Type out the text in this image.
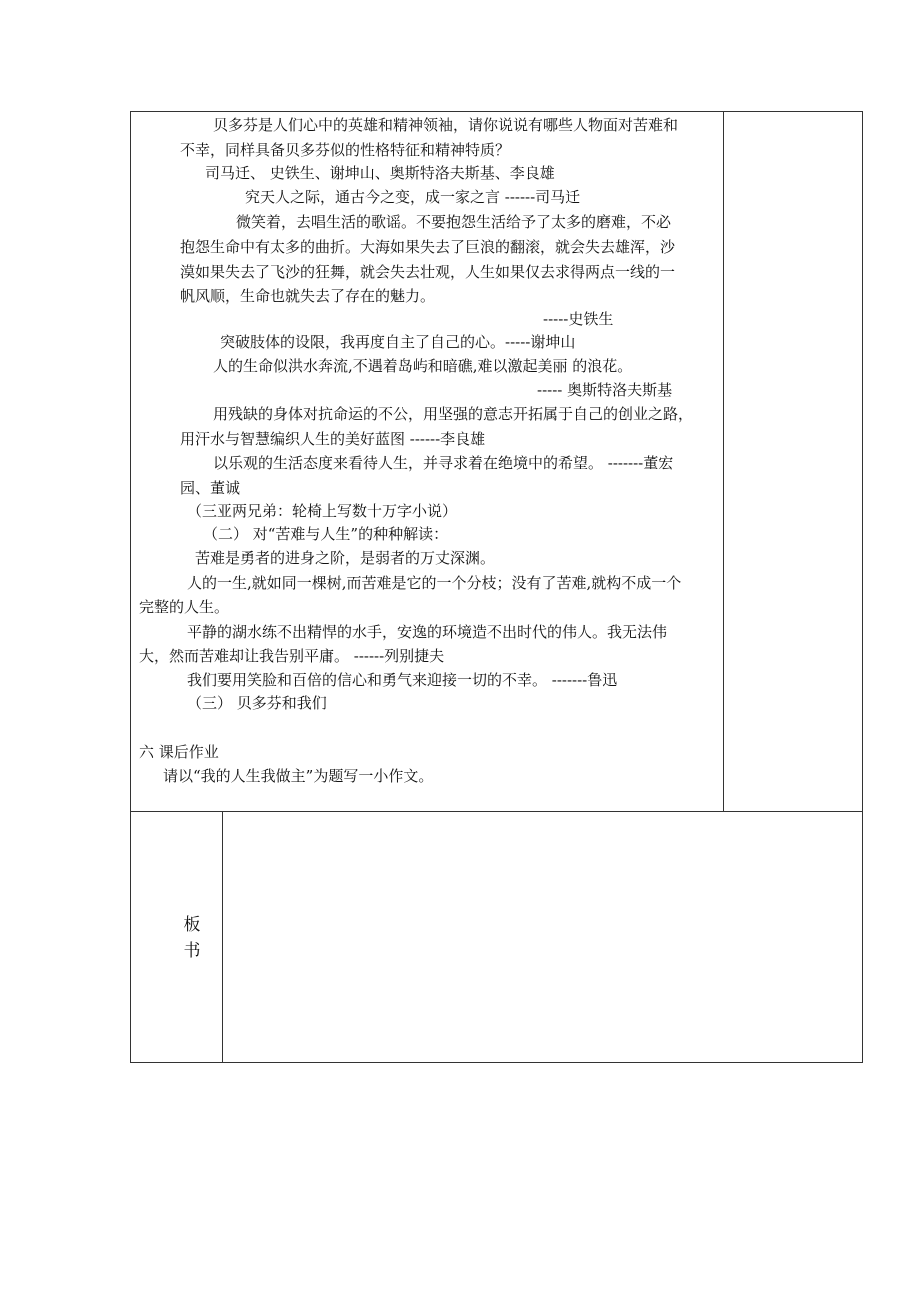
贝多芬是人们心中的英雄和精神领袖，请你说说有哪些人物面对苦难和
不幸，同样具备贝多芬似的性格特征和精神特质？
司马迁、 史铁生、谢坤山、奥斯特洛夫斯基、李良雄
究天人之际，通古今之变，成一家之言 ------司马迁
微笑着，去唱生活的歌谣。不要抱怨生活给予了太多的磨难，不必
抱怨生命中有太多的曲折。大海如果失去了巨浪的翻滚，就会失去雄浑，沙
漠如果失去了飞沙的狂舞，就会失去壮观，人生如果仅去求得两点一线的一
帆风顺，生命也就失去了存在的魅力。
-----史铁生
突破肢体的设限，我再度自主了自己的心。-----谢坤山
人的生命似洪水奔流,不遇着岛屿和暗礁,难以激起美丽 的浪花。
----- 奥斯特洛夫斯基
用残缺的身体对抗命运的不公，用坚强的意志开拓属于自己的创业之路，
用汗水与智慧编织人生的美好蓝图 ------李良雄
以乐观的生活态度来看待人生，并寻求着在绝境中的希望。 -------董宏
园、董诚
（三亚两兄弟：轮椅上写数十万字小说）
（二） 对“苦难与人生”的种种解读：
苦难是勇者的进身之阶，是弱者的万丈深渊。
人的一生,就如同一棵树,而苦难是它的一个分枝；没有了苦难,就构不成一个
完整的人生。
平静的湖水练不出精悍的水手，安逸的环境造不出时代的伟人。我无法伟
大，然而苦难却让我告别平庸。 ------列别捷夫
我们要用笑脸和百倍的信心和勇气来迎接一切的不幸。 -------鲁迅
（三） 贝多芬和我们
六 课后作业
请以“我的人生我做主”为题写一小作文。
板
书
